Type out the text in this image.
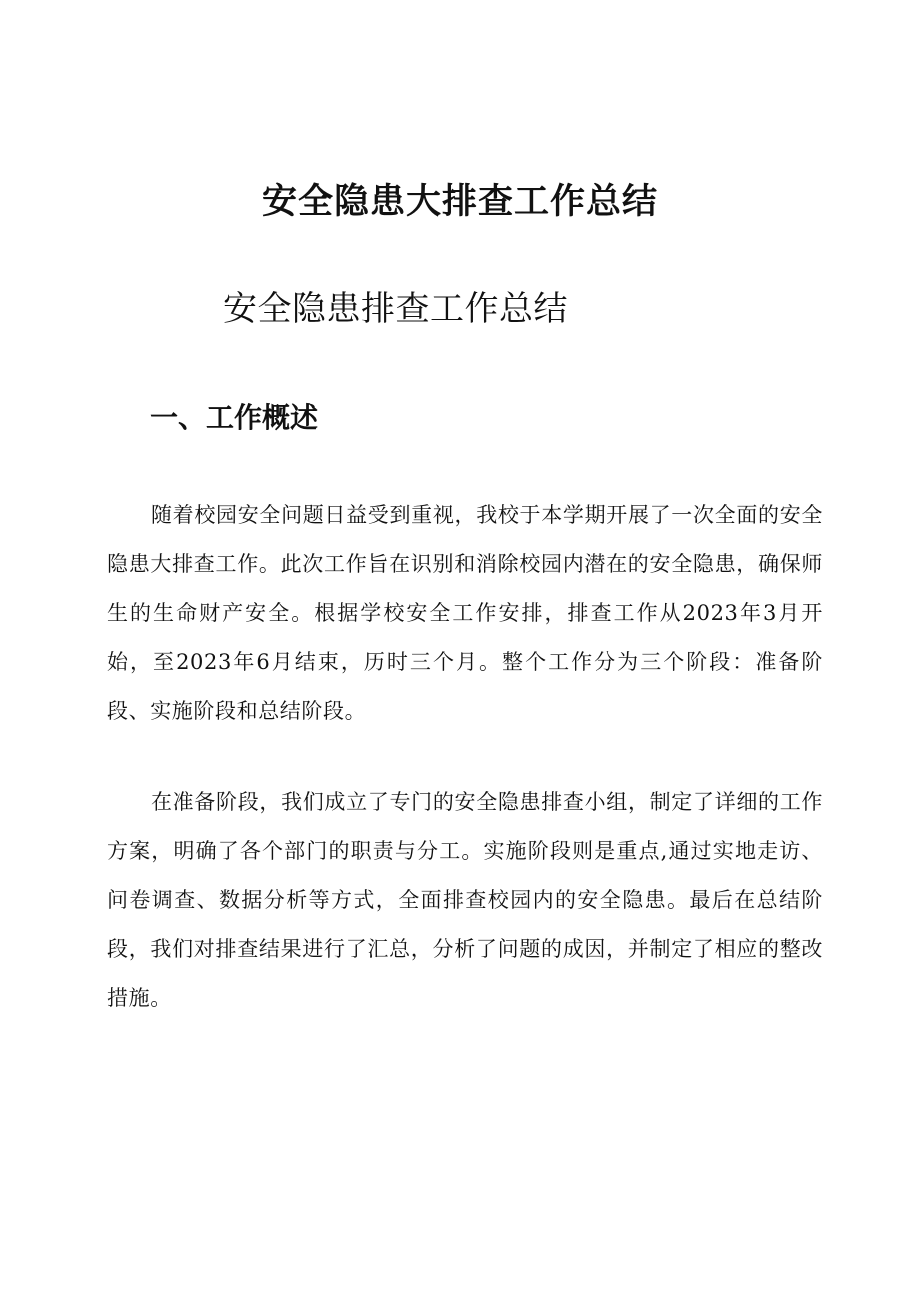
安全隐患大排查工作总结
安全隐患排查工作总结
一、工作概述

随着校园安全问题日益受到重视，我校于本学期开展了一次全面的安全隐患大排查工作。此次工作旨在识别和消除校园内潜在的安全隐患，确保师生的生命财产安全。根据学校安全工作安排，排查工作从2023年3月开始，至2023年6月结束，历时三个月。整个工作分为三个阶段：准备阶段、实施阶段和总结阶段。

在准备阶段，我们成立了专门的安全隐患排查小组，制定了详细的工作方案，明确了各个部门的职责与分工。实施阶段则是重点,通过实地走访、问卷调查、数据分析等方式，全面排查校园内的安全隐患。最后在总结阶段，我们对排查结果进行了汇总，分析了问题的成因，并制定了相应的整改措施。
